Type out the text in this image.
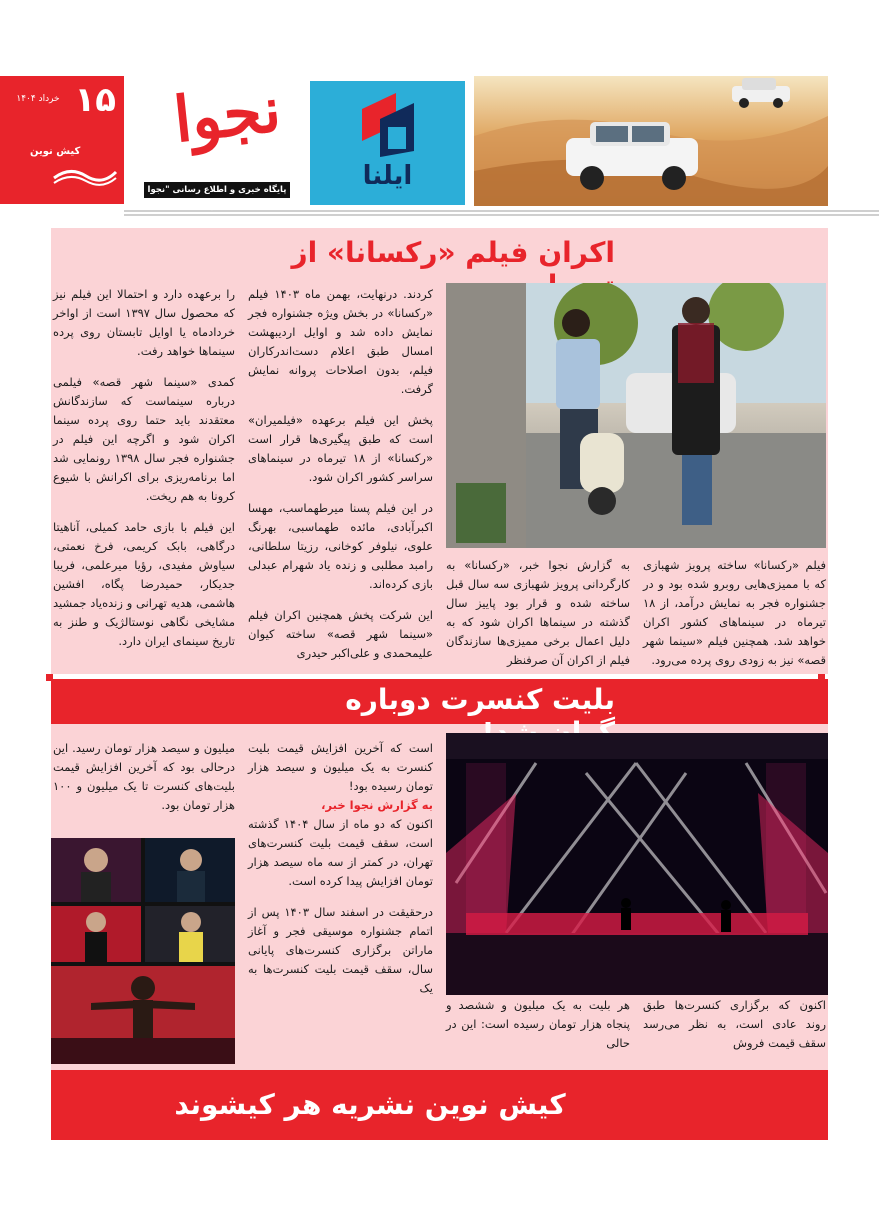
۱۵
خرداد ۱۴۰۴
کیش نوین نجوا
پایگاه خبری و اطلاع رسانی "نجوا خبر"
ایلنا
اکران فیلم «رکسانا» از

فیلم «رکسانا» ساخته پرویز شهبازی که با ممیزی‌هایی روبرو شده بود و در جشنواره فجر به نمایش درآمد، از ۱۸ تیرماه در سینماهای کشور اکران خواهد شد. همچنین فیلم «سینما شهر قصه» نیز به زودی روی پرده می‌رود.

به گزارش نجوا خبر، «رکسانا» به کارگردانی پرویز شهبازی سه سال قبل ساخته شده و قرار بود پاییز سال گذشته در سینماها اکران شود که به دلیل اعمال برخی ممیزی‌ها سازندگان فیلم از اکران آن صرفنظر

کردند. درنهایت، بهمن ماه ۱۴۰۳ فیلم «رکسانا» در بخش ویژه جشنواره فجر نمایش داده شد و اوایل اردیبهشت امسال طبق اعلام دست‌اندرکاران فیلم، بدون اصلاحات پروانه نمایش گرفت.

پخش این فیلم برعهده «فیلمیران» است که طبق پیگیری‌ها قرار است «رکسانا» از ۱۸ تیرماه در سینماهای سراسر کشور اکران شود.

در این فیلم پسنا میرطهماسب، مهسا اکبرآبادی، مائده طهماسبی، بهرنگ علوی، نیلوفر کوخانی، رزیتا سلطانی، رامبد مطلبی و زنده یاد شهرام عبدلی بازی کرده‌اند.

این شرکت پخش همچنین اکران فیلم «سینما شهر قصه» ساخته کیوان علیمحمدی و علی‌اکبر حیدری

را برعهده دارد و احتمالا این فیلم نیز که محصول سال ۱۳۹۷ است از اواخر خردادماه یا اوایل تابستان روی پرده سینماها خواهد رفت.

کمدی «سینما شهر قصه» فیلمی درباره سینماست که سازندگانش معتقدند باید حتما روی پرده سینما اکران شود و اگرچه این فیلم در جشنواره فجر سال ۱۳۹۸ رونمایی شد اما برنامه‌ریزی برای اکرانش با شیوع کرونا به هم ریخت.

این فیلم با بازی حامد کمیلی، آناهیتا درگاهی، بابک کریمی، فرخ نعمتی، سیاوش مفیدی، رؤیا میرعلمی، فریبا جدیکار، حمیدرضا پگاه، افشین هاشمی، هدیه تهرانی و زنده‌یاد جمشید مشایخی نگاهی نوستالژیک و طنز به تاریخ سینمای ایران دارد.

بلیت کنسرت دوباره

اکنون که برگزاری کنسرت‌ها طبق روند عادی است، به نظر می‌رسد سقف قیمت فروش

هر بلیت به یک میلیون و ششصد و پنجاه هزار تومان رسیده است: این در حالی

است که آخرین افزایش قیمت بلیت کنسرت به یک میلیون و سیصد هزار تومان رسیده بود!

به گزارش نجوا خبر،

اکنون که دو ماه از سال ۱۴۰۴ گذشته است، سقف قیمت بلیت کنسرت‌های تهران، در کمتر از سه ماه سیصد هزار تومان افزایش پیدا کرده است.

درحقیقت در اسفند سال ۱۴۰۳ پس از اتمام جشنواره موسیقی فجر و آغاز ماراتن برگزاری کنسرت‌های پایانی سال، سقف قیمت بلیت کنسرت‌ها به یک

میلیون و سیصد هزار تومان رسید. این درحالی بود که آخرین افزایش قیمت بلیت‌های کنسرت تا یک میلیون و ۱۰۰ هزار تومان بود.

کیش نوین نشریه هر کیشوند
